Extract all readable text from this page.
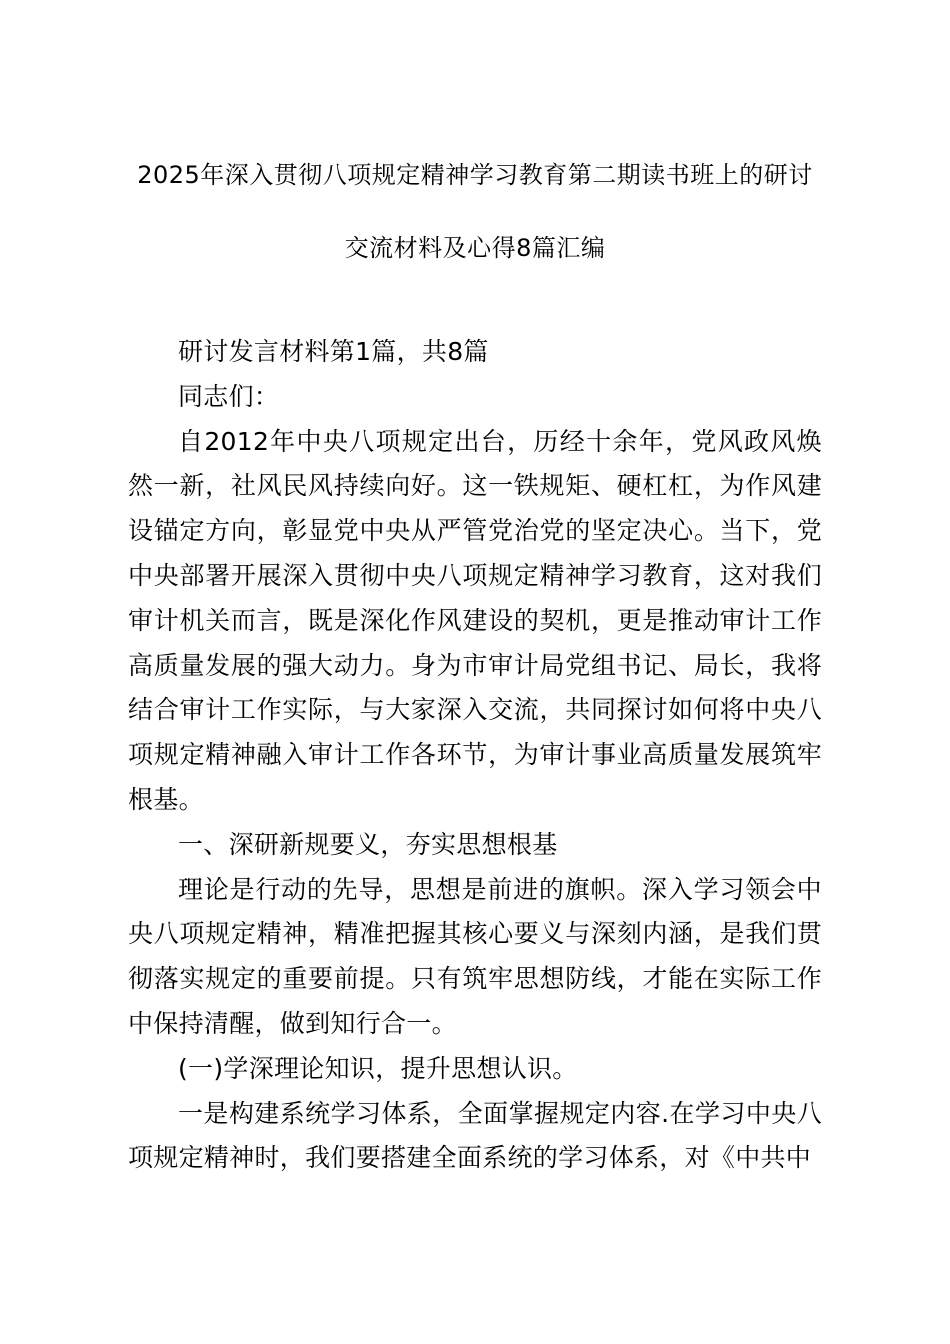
2025年深入贯彻八项规定精神学习教育第二期读书班上的研讨
交流材料及心得8篇汇编

研讨发言材料第1篇，共8篇

同志们：

自2012年中央八项规定出台，历经十余年，党风政风焕然一新，社风民风持续向好。这一铁规矩、硬杠杠，为作风建设锚定方向，彰显党中央从严管党治党的坚定决心。当下，党中央部署开展深入贯彻中央八项规定精神学习教育，这对我们审计机关而言，既是深化作风建设的契机，更是推动审计工作高质量发展的强大动力。身为市审计局党组书记、局长，我将结合审计工作实际，与大家深入交流，共同探讨如何将中央八项规定精神融入审计工作各环节，为审计事业高质量发展筑牢根基。

一、深研新规要义，夯实思想根基

理论是行动的先导，思想是前进的旗帜。深入学习领会中央八项规定精神，精准把握其核心要义与深刻内涵，是我们贯彻落实规定的重要前提。只有筑牢思想防线，才能在实际工作中保持清醒，做到知行合一。

(一)学深理论知识，提升思想认识。

一是构建系统学习体系，全面掌握规定内容.在学习中央八项规定精神时，我们要搭建全面系统的学习体系，对《中共中
